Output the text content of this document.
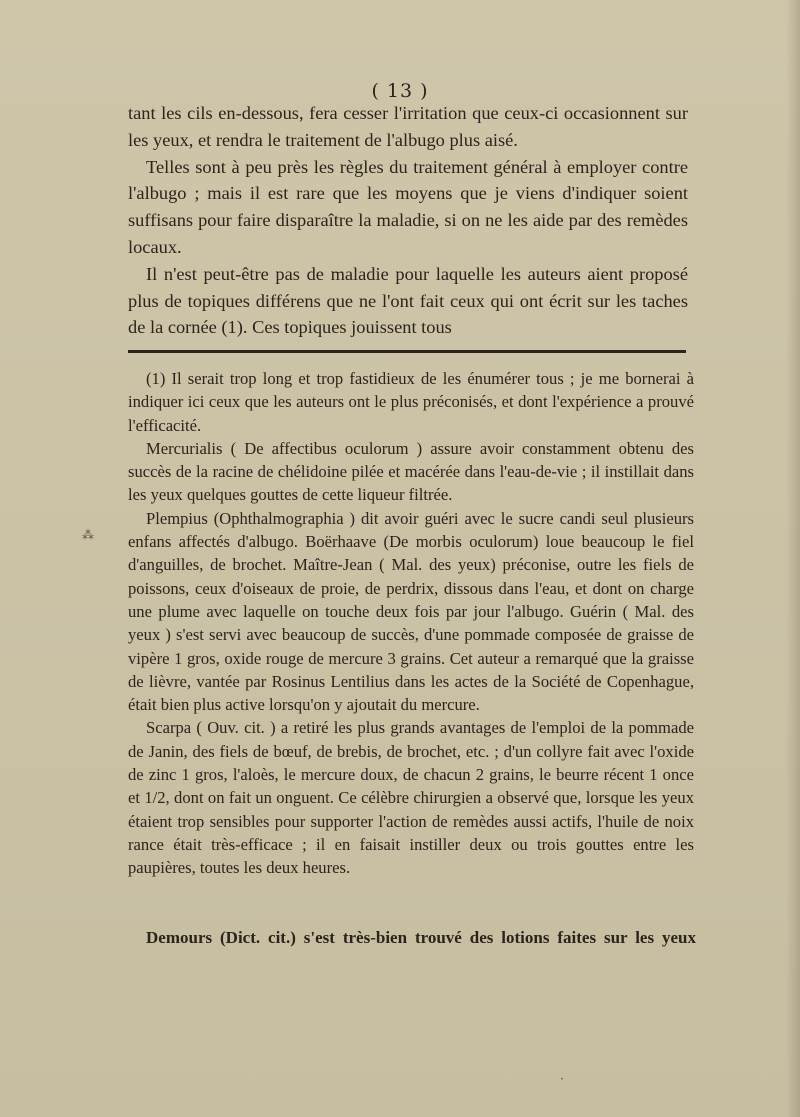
( 13 )

tant les cils en-dessous, fera cesser l'irritation que ceux-ci occasionnent sur les yeux, et rendra le traitement de l'albugo plus aisé.

Telles sont à peu près les règles du traitement général à employer contre l'albugo ; mais il est rare que les moyens que je viens d'indiquer soient suffisans pour faire disparaître la maladie, si on ne les aide par des remèdes locaux.

Il n'est peut-être pas de maladie pour laquelle les auteurs aient proposé plus de topiques différens que ne l'ont fait ceux qui ont écrit sur les taches de la cornée (1). Ces topiques jouissent tous

(1) Il serait trop long et trop fastidieux de les énumérer tous ; je me bornerai à indiquer ici ceux que les auteurs ont le plus préconisés, et dont l'expérience a prouvé l'efficacité.

Mercurialis ( De affectibus oculorum ) assure avoir constamment obtenu des succès de la racine de chélidoine pilée et macérée dans l'eau-de-vie ; il instillait dans les yeux quelques gouttes de cette liqueur filtrée.

Plempius (Ophthalmographia ) dit avoir guéri avec le sucre candi seul plusieurs enfans affectés d'albugo. Boërhaave (De morbis oculorum) loue beaucoup le fiel d'anguilles, de brochet. Maître-Jean ( Mal. des yeux) préconise, outre les fiels de poissons, ceux d'oiseaux de proie, de perdrix, dissous dans l'eau, et dont on charge une plume avec laquelle on touche deux fois par jour l'albugo. Guérin ( Mal. des yeux ) s'est servi avec beaucoup de succès, d'une pommade composée de graisse de vipère 1 gros, oxide rouge de mercure 3 grains. Cet auteur a remarqué que la graisse de lièvre, vantée par Rosinus Lentilius dans les actes de la Société de Copenhague, était bien plus active lorsqu'on y ajoutait du mercure.

Scarpa ( Ouv. cit. ) a retiré les plus grands avantages de l'emploi de la pommade de Janin, des fiels de bœuf, de brebis, de brochet, etc. ; d'un collyre fait avec l'oxide de zinc 1 gros, l'aloès, le mercure doux, de chacun 2 grains, le beurre récent 1 once et 1/2, dont on fait un onguent. Ce célèbre chirurgien a observé que, lorsque les yeux étaient trop sensibles pour supporter l'action de remèdes aussi actifs, l'huile de noix rance était très-efficace ; il en faisait instiller deux ou trois gouttes entre les paupières, toutes les deux heures.

Demours (Dict. cit.) s'est très-bien trouvé des lotions faites sur les yeux
⁂
·
